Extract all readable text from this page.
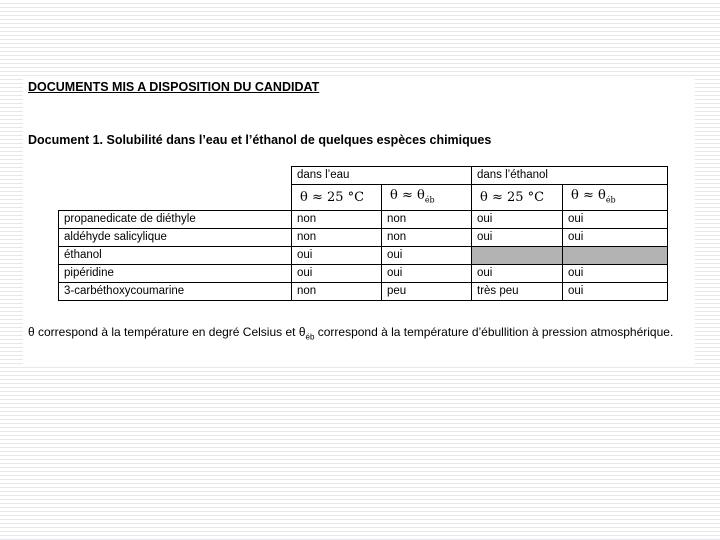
DOCUMENTS MIS A DISPOSITION DU CANDIDAT
Document 1. Solubilité dans l’eau et l’éthanol de quelques espèces chimiques
	dans l’eau		dans l’éthanol	
	θ ≈ 25 °C	$\theta \approx \theta_{éb}$	θ ≈ 25 °C	$\theta \approx \theta_{éb}$
propanedicate de diéthyle	non	non	oui	oui
aldéhyde salicylique	non	non	oui	oui
éthanol	oui	oui		
pipéridine	oui	oui	oui	oui
3-carbéthoxycoumarine	non	peu	très peu	oui
θ correspond à la température en degré Celsius et $\theta_{éb}$ correspond à la température d’ébullition à pression atmosphérique.
